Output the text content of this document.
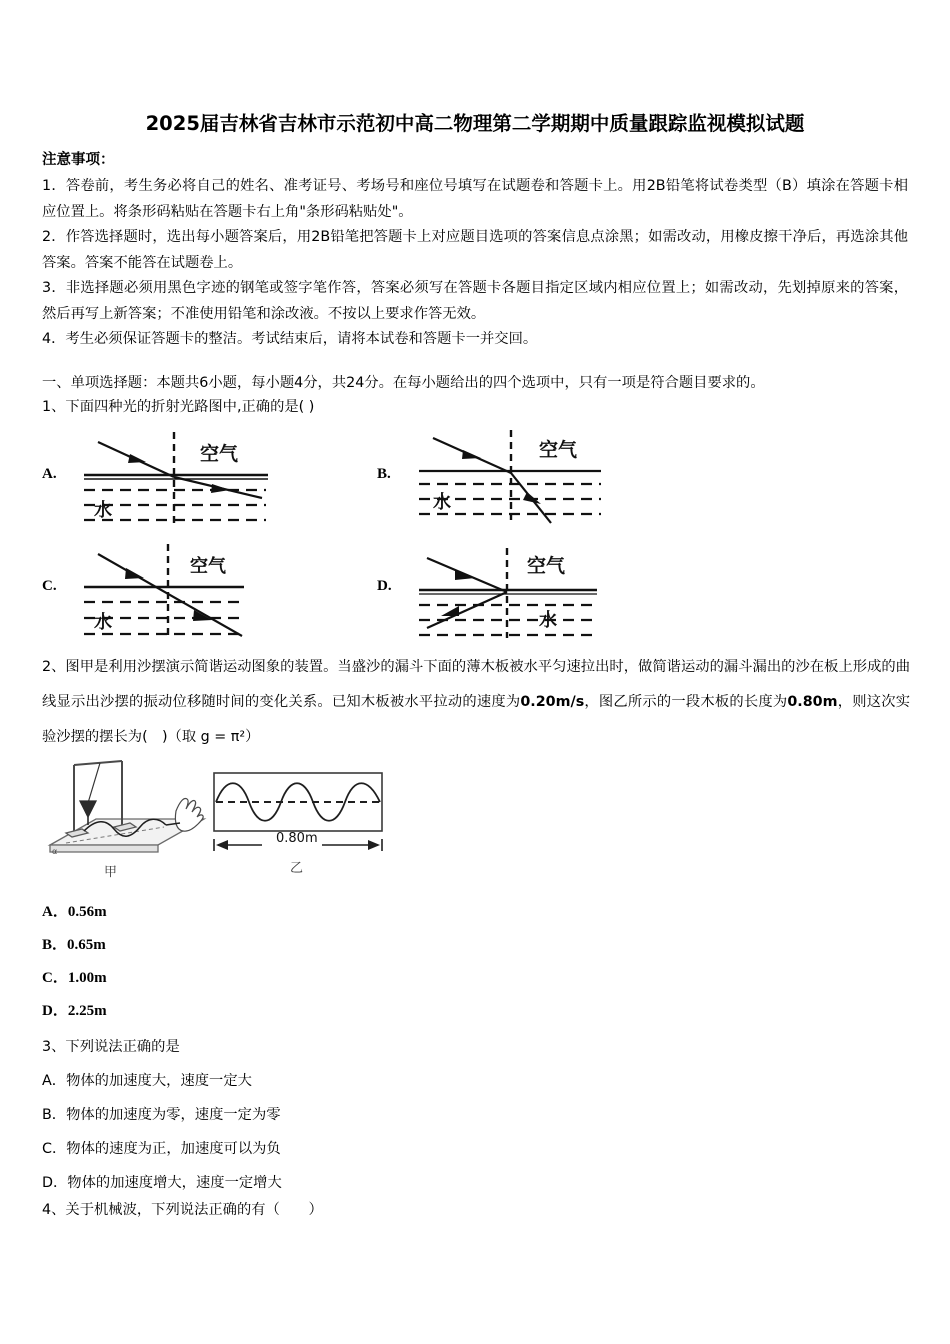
2025届吉林省吉林市示范初中高二物理第二学期期中质量跟踪监视模拟试题
注意事项：

1．答卷前，考生务必将自己的姓名、准考证号、考场号和座位号填写在试题卷和答题卡上。用2B铅笔将试卷类型（B）填涂在答题卡相应位置上。将条形码粘贴在答题卡右上角"条形码粘贴处"。

2．作答选择题时，选出每小题答案后，用2B铅笔把答题卡上对应题目选项的答案信息点涂黑；如需改动，用橡皮擦干净后，再选涂其他答案。答案不能答在试题卷上。

3．非选择题必须用黑色字迹的钢笔或签字笔作答，答案必须写在答题卡各题目指定区域内相应位置上；如需改动，先划掉原来的答案，然后再写上新答案；不准使用铅笔和涂改液。不按以上要求作答无效。

4．考生必须保证答题卡的整洁。考试结束后，请将本试卷和答题卡一并交回。

一、单项选择题：本题共6小题，每小题4分，共24分。在每小题给出的四个选项中，只有一项是符合题目要求的。
1、下面四种光的折射光路图中,正确的是( )
A.
空气
水
B.
空气
水
C.
空气
水
D.
空气
水
2、图甲是利用沙摆演示简谐运动图象的装置。当盛沙的漏斗下面的薄木板被水平匀速拉出时，做简谐运动的漏斗漏出的沙在板上形成的曲线显示出沙摆的振动位移随时间的变化关系。已知木板被水平拉动的速度为0.20m/s，图乙所示的一段木板的长度为0.80m，则这次实验沙摆的摆长为(　)（取 g = π²）
α
甲
0.80m
乙
A．0.56m
B．0.65m
C．1.00m
D．2.25m
3、下列说法正确的是
A．物体的加速度大，速度一定大
B．物体的加速度为零，速度一定为零
C．物体的速度为正，加速度可以为负
D．物体的加速度增大，速度一定增大
4、关于机械波，下列说法正确的有（　　）
